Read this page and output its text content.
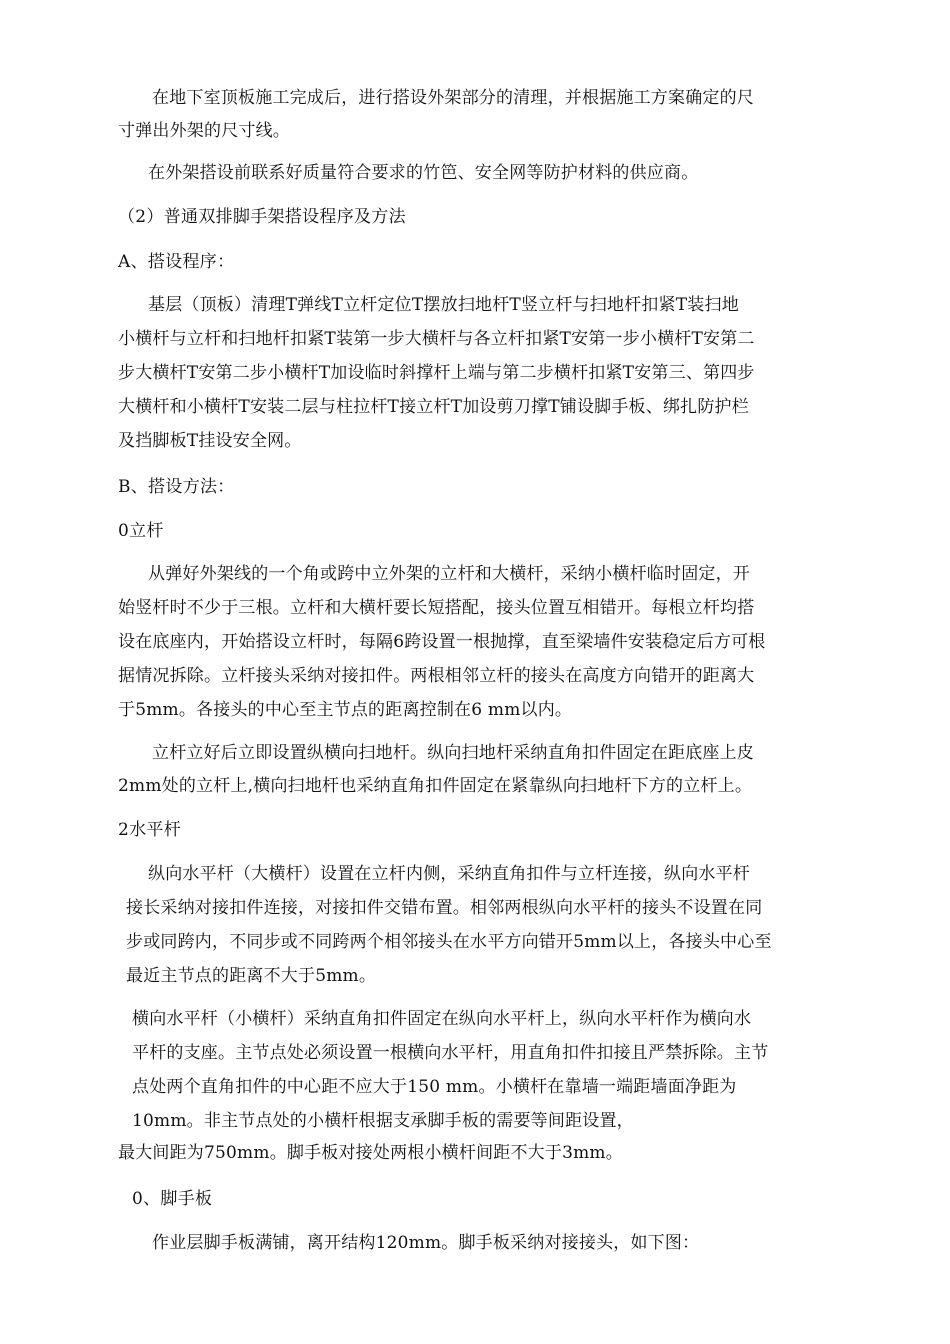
在地下室顶板施工完成后，进行搭设外架部分的清理，并根据施工方案确定的尺
寸弹出外架的尺寸线。
在外架搭设前联系好质量符合要求的竹笆、安全网等防护材料的供应商。
（2）普通双排脚手架搭设程序及方法
A、搭设程序：
基层（顶板）清理T弹线T立杆定位T摆放扫地杆T竖立杆与扫地杆扣紧T装扫地
小横杆与立杆和扫地杆扣紧T装第一步大横杆与各立杆扣紧T安第一步小横杆T安第二
步大横杆T安第二步小横杆T加设临时斜撑杆上端与第二步横杆扣紧T安第三、第四步
大横杆和小横杆T安装二层与柱拉杆T接立杆T加设剪刀撑T铺设脚手板、绑扎防护栏
及挡脚板T挂设安全网。
B、搭设方法：
0立杆
从弹好外架线的一个角或跨中立外架的立杆和大横杆，采纳小横杆临时固定，开
始竖杆时不少于三根。立杆和大横杆要长短搭配，接头位置互相错开。每根立杆均搭
设在底座内，开始搭设立杆时，每隔6跨设置一根抛撑，直至梁墙件安装稳定后方可根
据情况拆除。立杆接头采纳对接扣件。两根相邻立杆的接头在高度方向错开的距离大
于5mm。各接头的中心至主节点的距离控制在6 mm以内。
立杆立好后立即设置纵横向扫地杆。纵向扫地杆采纳直角扣件固定在距底座上皮
2mm处的立杆上,横向扫地杆也采纳直角扣件固定在紧靠纵向扫地杆下方的立杆上。
2水平杆
纵向水平杆（大横杆）设置在立杆内侧，采纳直角扣件与立杆连接，纵向水平杆
接长采纳对接扣件连接，对接扣件交错布置。相邻两根纵向水平杆的接头不设置在同
步或同跨内，不同步或不同跨两个相邻接头在水平方向错开5mm以上，各接头中心至
最近主节点的距离不大于5mm。
横向水平杆（小横杆）采纳直角扣件固定在纵向水平杆上，纵向水平杆作为横向水
平杆的支座。主节点处必须设置一根横向水平杆，用直角扣件扣接且严禁拆除。主节
点处两个直角扣件的中心距不应大于150 mm。小横杆在靠墙一端距墙面净距为
10mm。非主节点处的小横杆根据支承脚手板的需要等间距设置，
最大间距为750mm。脚手板对接处两根小横杆间距不大于3mm。
0、脚手板
作业层脚手板满铺，离开结构120mm。脚手板采纳对接接头，如下图：
